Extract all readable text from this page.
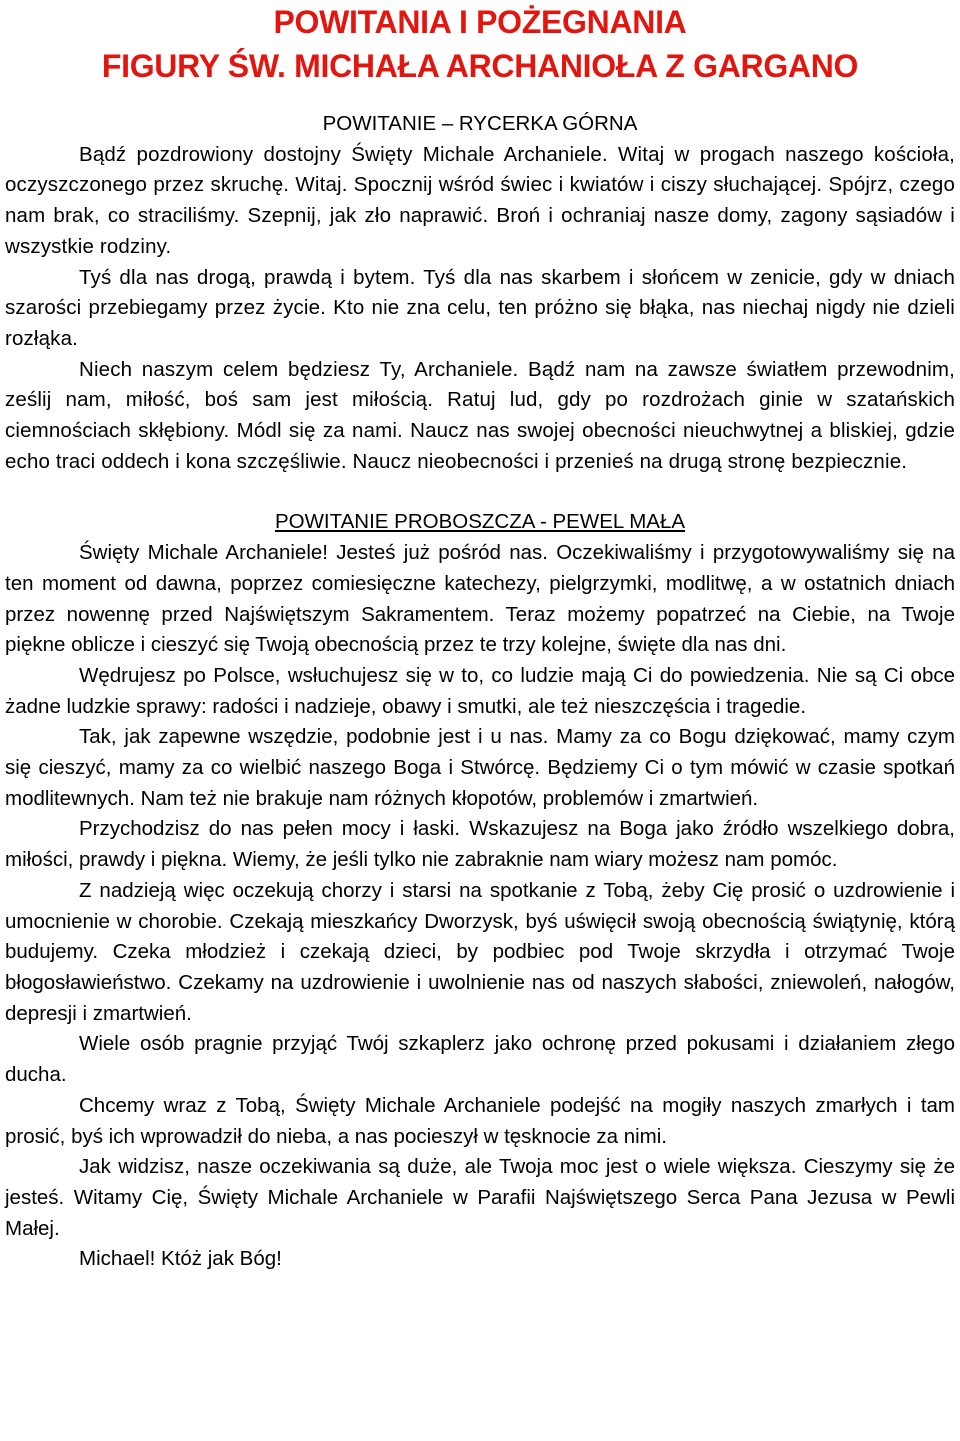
POWITANIA I POŻEGNANIA
FIGURY ŚW. MICHAŁA ARCHANIOŁA Z GARGANO
POWITANIE – RYCERKA GÓRNA

Bądź pozdrowiony dostojny Święty Michale Archaniele. Witaj w progach naszego kościoła, oczyszczonego przez skruchę. Witaj. Spocznij wśród świec i kwiatów i ciszy słuchającej. Spójrz, czego nam brak, co straciliśmy. Szepnij, jak zło naprawić. Broń i ochraniaj nasze domy, zagony sąsiadów i wszystkie rodziny.

Tyś dla nas drogą, prawdą i bytem. Tyś dla nas skarbem i słońcem w zenicie, gdy w dniach szarości przebiegamy przez życie. Kto nie zna celu, ten próżno się błąka, nas niechaj nigdy nie dzieli rozłąka.

Niech naszym celem będziesz Ty, Archaniele. Bądź nam na zawsze światłem przewodnim, ześlij nam, miłość, boś sam jest miłością. Ratuj lud, gdy po rozdrożach ginie w szatańskich ciemnościach skłębiony. Módl się za nami. Naucz nas swojej obecności nieuchwytnej a bliskiej, gdzie echo traci oddech i kona szczęśliwie. Naucz nieobecności i przenieś na drugą stronę bezpiecznie.

POWITANIE PROBOSZCZA - PEWEL MAŁA

Święty Michale Archaniele! Jesteś już pośród nas. Oczekiwaliśmy i przygotowywaliśmy się na ten moment od dawna, poprzez comiesięczne katechezy, pielgrzymki, modlitwę, a w ostatnich dniach przez nowennę przed Najświętszym Sakramentem. Teraz możemy popatrzeć na Ciebie, na Twoje piękne oblicze i cieszyć się Twoją obecnością przez te trzy kolejne, święte dla nas dni.

Wędrujesz po Polsce, wsłuchujesz się w to, co ludzie mają Ci do powiedzenia. Nie są Ci obce żadne ludzkie sprawy: radości i nadzieje, obawy i smutki, ale też nieszczęścia i tragedie.

Tak, jak zapewne wszędzie, podobnie jest i u nas. Mamy za co Bogu dziękować, mamy czym się cieszyć, mamy za co wielbić naszego Boga i Stwórcę. Będziemy Ci o tym mówić w czasie spotkań modlitewnych. Nam też nie brakuje nam różnych kłopotów, problemów i zmartwień.

Przychodzisz do nas pełen mocy i łaski. Wskazujesz na Boga jako źródło wszelkiego dobra, miłości, prawdy i piękna. Wiemy, że jeśli tylko nie zabraknie nam wiary możesz nam pomóc.

Z nadzieją więc oczekują chorzy i starsi na spotkanie z Tobą, żeby Cię prosić o uzdrowienie i umocnienie w chorobie. Czekają mieszkańcy Dworzysk, byś uświęcił swoją obecnością świątynię, którą budujemy. Czeka młodzież i czekają dzieci, by podbiec pod Twoje skrzydła i otrzymać Twoje błogosławieństwo. Czekamy na uzdrowienie i uwolnienie nas od naszych słabości, zniewoleń, nałogów, depresji i zmartwień.

Wiele osób pragnie przyjąć Twój szkaplerz jako ochronę przed pokusami i działaniem złego ducha.

Chcemy wraz z Tobą, Święty Michale Archaniele podejść na mogiły naszych zmarłych i tam prosić, byś ich wprowadził do nieba, a nas pocieszył w tęsknocie za nimi.

Jak widzisz, nasze oczekiwania są duże, ale Twoja moc jest o wiele większa. Cieszymy się że jesteś. Witamy Cię, Święty Michale Archaniele w Parafii Najświętszego Serca Pana Jezusa w Pewli Małej.

Michael! Któż jak Bóg!
